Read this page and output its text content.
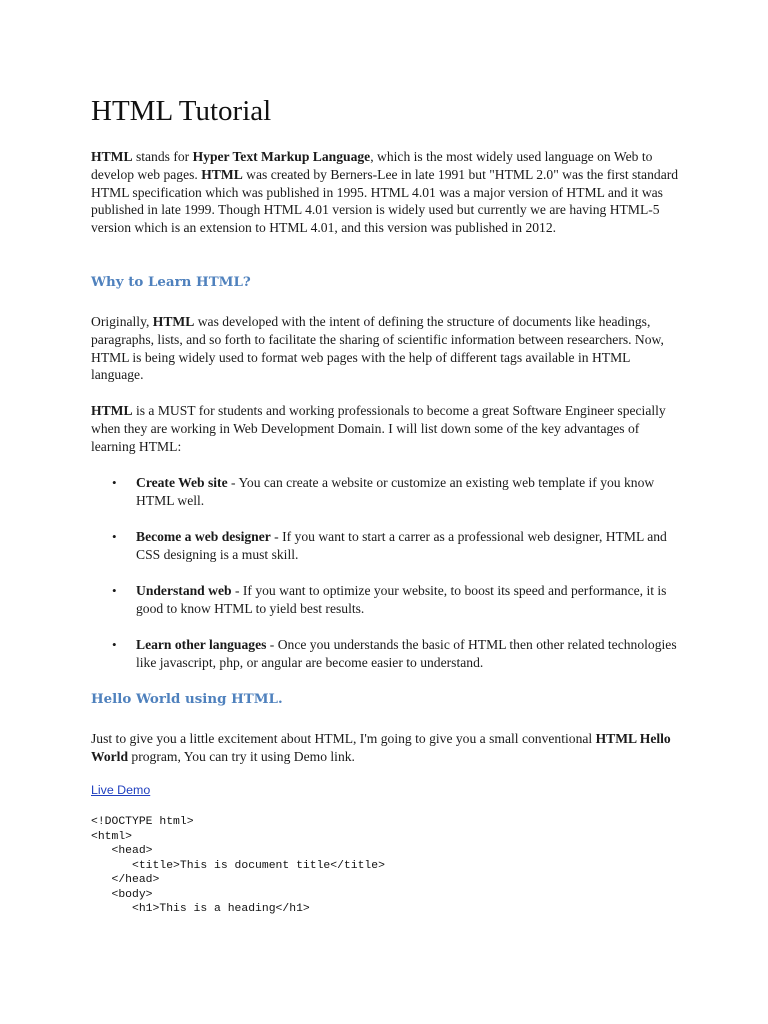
HTML Tutorial

HTML stands for Hyper Text Markup Language, which is the most widely used language on Web to develop web pages. HTML was created by Berners-Lee in late 1991 but "HTML 2.0" was the first standard HTML specification which was published in 1995. HTML 4.01 was a major version of HTML and it was published in late 1999. Though HTML 4.01 version is widely used but currently we are having HTML-5 version which is an extension to HTML 4.01, and this version was published in 2012.

Why to Learn HTML?

Originally, HTML was developed with the intent of defining the structure of documents like headings, paragraphs, lists, and so forth to facilitate the sharing of scientific information between researchers. Now, HTML is being widely used to format web pages with the help of different tags available in HTML language.

HTML is a MUST for students and working professionals to become a great Software Engineer specially when they are working in Web Development Domain. I will list down some of the key advantages of learning HTML:

• Create Web site - You can create a website or customize an existing web template if you know HTML well.
• Become a web designer - If you want to start a carrer as a professional web designer, HTML and CSS designing is a must skill.
• Understand web - If you want to optimize your website, to boost its speed and performance, it is good to know HTML to yield best results.
• Learn other languages - Once you understands the basic of HTML then other related technologies like javascript, php, or angular are become easier to understand.
Hello World using HTML.

Just to give you a little excitement about HTML, I'm going to give you a small conventional HTML Hello World program, You can try it using Demo link.

Live Demo
<!DOCTYPE html>
<html>
<head>
<title>This is document title</title>
</head>
<body>
<h1>This is a heading</h1>
